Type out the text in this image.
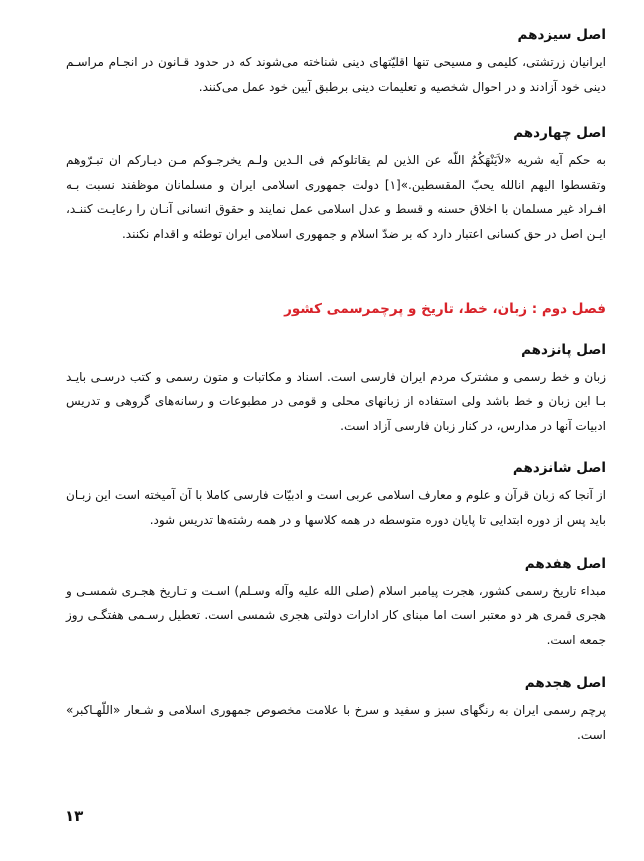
اصل سیزدهم

ایرانیان زرتشتی، کلیمی و مسیحی تنها اقلیّتهای دینی شناخته می‌شوند که در حدود قـانون در انجـام مراسـم دینی خود آزادند و در احوال شخصیه و تعلیمات دینی برطبق آیین خود عمل می‌کنند.

اصل چهاردهم

به حکم آیه شریه «لاَیَنْهَکُمُ اللّه عن الذین لم یقاتلوکم فی الـدین ولـم یخرجـوکم مـن دیـارکم ان تبـرّوهم وتقسطوا الیهم انالله یحبّ المقسطین.»[۱] دولت جمهوری اسلامی ایران و مسلمانان موظفند نسبت بـه افـراد غیر مسلمان با اخلاق حسنه و قسط و عدل اسلامی عمل نمایند و حقوق انسانی آنـان را رعایـت کننـد، ایـن اصل در حق کسانی اعتبار دارد که بر ضدّ اسلام و جمهوری اسلامی ایران توطئه و اقدام نکنند.

فصل دوم : زبان، خط، تاریخ و پرچمرسمی کشور
اصل پانزدهم

زبان و خط رسمی و مشترک مردم ایران فارسی است. اسناد و مکاتبات و متون رسمی و کتب درسـی بایـد بـا این زبان و خط باشد ولی استفاده از زبانهای محلی و قومی در مطبوعات و رسانه‌های گروهی و تدریس ادبیات آنها در مدارس، در کنار زبان فارسی آزاد است.

اصل شانزدهم

از آنجا که زبان قرآن و علوم و معارف اسلامی عربی است و ادبیّات فارسی کاملا با آن آمیخته است این زبـان باید پس از دوره ابتدایی تا پایان دوره متوسطه در همه کلاسها و در همه رشته‌ها تدریس شود.

اصل هفدهم

مبداء تاریخ رسمی کشور، هجرت پیامبر اسلام (صلی الله علیه وآله وسـلم) اسـت و تـاریخ هجـری شمسـی و هجری قمری هر دو معتبر است اما مبنای کار ادارات دولتی هجری شمسی است. تعطیل رسـمی هفتگـی روز جمعه است.

اصل هجدهم

پرچم رسمی ایران به رنگهای سبز و سفید و سرخ با علامت مخصوص جمهوری اسلامی و شـعار «اللّهـاکبر» است.

۱۳
